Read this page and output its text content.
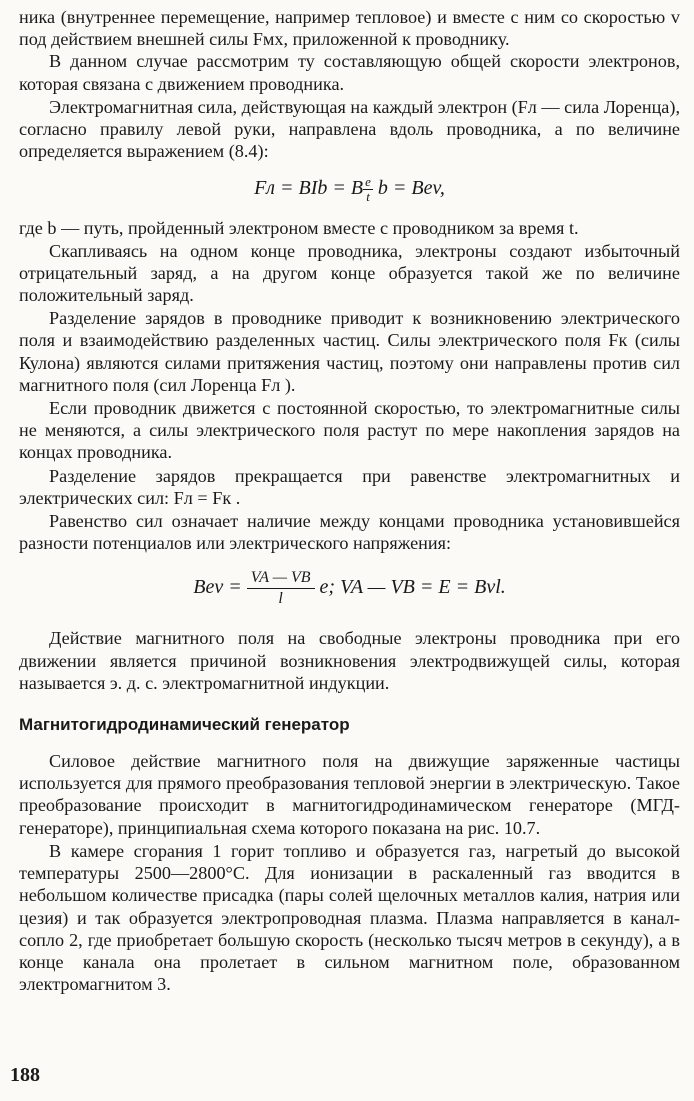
ника (внутреннее перемещение, например тепловое) и вместе с ним со скоростью v под действием внешней силы Fмх, приложенной к проводнику.

В данном случае рассмотрим ту составляющую общей скорости электронов, которая связана с движением проводника.

Электромагнитная сила, действующая на каждый электрон (Fл — сила Лоренца), согласно правилу левой руки, направлена вдоль проводника, а по величине определяется выражением (8.4):

Fл = BIb = B $\frac{e}{t}$ b = Bev,

где b — путь, пройденный электроном вместе с проводником за время t.

Скапливаясь на одном конце проводника, электроны создают избыточный отрицательный заряд, а на другом конце образуется такой же по величине положительный заряд.

Разделение зарядов в проводнике приводит к возникновению электрического поля и взаимодействию разделенных частиц. Силы электрического поля Fк (силы Кулона) являются силами притяжения частиц, поэтому они направлены против сил магнитного поля (сил Лоренца Fл ).

Если проводник движется с постоянной скоростью, то электромагнитные силы не меняются, а силы электрического поля растут по мере накопления зарядов на концах проводника.

Разделение зарядов прекращается при равенстве электромагнитных и электрических сил: Fл = Fк .

Равенство сил означает наличие между концами проводника установившейся разности потенциалов или электрического напряжения:

Bev = $\frac{VA — VB}{l} e$; VA — VB = E = Bvl.

Действие магнитного поля на свободные электроны проводника при его движении является причиной возникновения электродвижущей силы, которая называется э. д. с. электромагнитной индукции.

Магнитогидродинамический генератор

Силовое действие магнитного поля на движущие заряженные частицы используется для прямого преобразования тепловой энергии в электрическую. Такое преобразование происходит в магнитогидродинамическом генераторе (МГД-генераторе), принципиальная схема которого показана на рис. 10.7.

В камере сгорания 1 горит топливо и образуется газ, нагретый до высокой температуры 2500—2800°С. Для ионизации в раскаленный газ вводится в небольшом количестве присадка (пары солей щелочных металлов калия, натрия или цезия) и так образуется электропроводная плазма. Плазма направляется в канал-сопло 2, где приобретает большую скорость (несколько тысяч метров в секунду), а в конце канала она пролетает в сильном магнитном поле, образованном электромагнитом 3.

188
